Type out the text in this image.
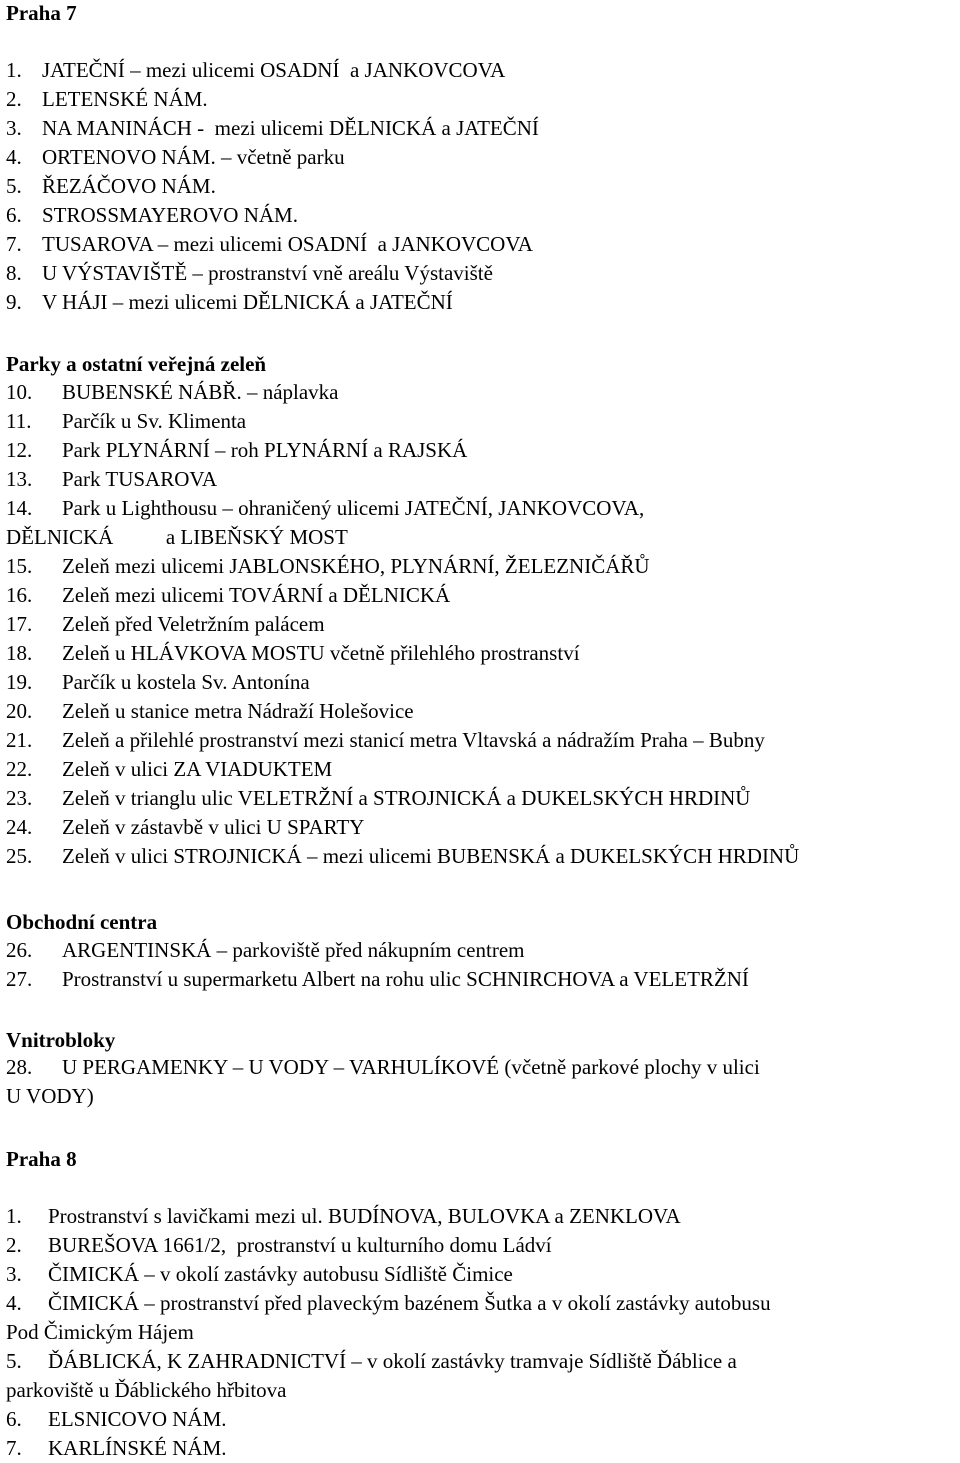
Praha 7
1. JATEČNÍ – mezi ulicemi OSADNÍ  a JANKOVCOVA
2. LETENSKÉ NÁM.
3. NA MANINÁCH -  mezi ulicemi DĚLNICKÁ a JATEČNÍ
4. ORTENOVO NÁM. – včetně parku
5. ŘEZÁČOVO NÁM.
6. STROSSMAYEROVO NÁM.
7. TUSAROVA – mezi ulicemi OSADNÍ  a JANKOVCOVA
8. U VÝSTAVIŠTĚ – prostranství vně areálu Výstaviště
9. V HÁJI – mezi ulicemi DĚLNICKÁ a JATEČNÍ
Parky a ostatní veřejná zeleň
10. BUBENSKÉ NÁBŘ. – náplavka
11. Parčík u Sv. Klimenta
12. Park PLYNÁRNÍ – roh PLYNÁRNÍ a RAJSKÁ
13. Park TUSAROVA
14. Park u Lighthousu – ohraničený ulicemi JATEČNÍ, JANKOVCOVA,
DĚLNICKÁ          a LIBEŇSKÝ MOST
15. Zeleň mezi ulicemi JABLONSKÉHO, PLYNÁRNÍ, ŽELEZNIČÁŘŮ
16. Zeleň mezi ulicemi TOVÁRNÍ a DĚLNICKÁ
17. Zeleň před Veletržním palácem
18. Zeleň u HLÁVKOVA MOSTU včetně přilehlého prostranství
19. Parčík u kostela Sv. Antonína
20. Zeleň u stanice metra Nádraží Holešovice
21. Zeleň a přilehlé prostranství mezi stanicí metra Vltavská a nádražím Praha – Bubny
22. Zeleň v ulici ZA VIADUKTEM
23. Zeleň v trianglu ulic VELETRŽNÍ a STROJNICKÁ a DUKELSKÝCH HRDINŮ
24. Zeleň v zástavbě v ulici U SPARTY
25. Zeleň v ulici STROJNICKÁ – mezi ulicemi BUBENSKÁ a DUKELSKÝCH HRDINŮ
Obchodní centra
26. ARGENTINSKÁ – parkoviště před nákupním centrem
27. Prostranství u supermarketu Albert na rohu ulic SCHNIRCHOVA a VELETRŽNÍ
Vnitrobloky
28. U PERGAMENKY – U VODY – VARHULÍKOVÉ (včetně parkové plochy v ulici
U VODY)
Praha 8
1. Prostranství s lavičkami mezi ul. BUDÍNOVA, BULOVKA a ZENKLOVA
2. BUREŠOVA 1661/2,  prostranství u kulturního domu Ládví
3. ČIMICKÁ – v okolí zastávky autobusu Sídliště Čimice
4. ČIMICKÁ – prostranství před plaveckým bazénem Šutka a v okolí zastávky autobusu
Pod Čimickým Hájem
5. ĎÁBLICKÁ, K ZAHRADNICTVÍ – v okolí zastávky tramvaje Sídliště Ďáblice a
parkoviště u Ďáblického hřbitova
6. ELSNICOVO NÁM.
7. KARLÍNSKÉ NÁM.
